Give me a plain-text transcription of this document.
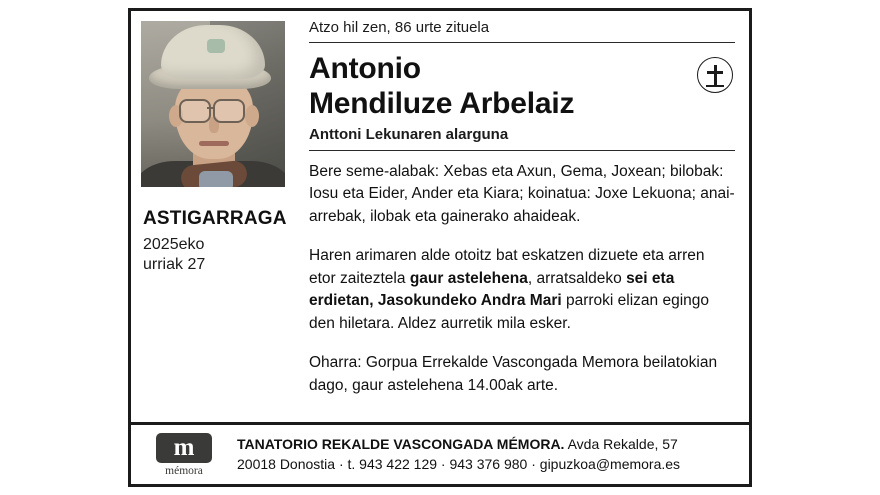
ASTIGARRAGA
2025eko
urriak 27
Atzo hil zen, 86 urte zituela
Antonio
Mendiluze Arbelaiz
Anttoni Lekunaren alarguna

Bere seme-alabak: Xebas eta Axun, Gema, Joxean; bilobak: Iosu eta Eider, Ander eta Kiara; koinatua: Joxe Lekuona; anai-arrebak, ilobak eta gainerako ahaideak.

Haren arimaren alde otoitz bat eskatzen dizuete eta arren etor zaiteztela gaur astelehena, arratsaldeko sei eta erdietan, Jasokundeko Andra Mari parroki elizan egingo den hiletara. Aldez aurretik mila esker.

Oharra: Gorpua Errekalde Vascongada Memora beilatokian dago, gaur astelehena 14.00ak arte.

m
mémora
TANATORIO REKALDE VASCONGADA MÉMORA. Avda Rekalde, 57
20018 Donostia · t. 943 422 129 · 943 376 980 · gipuzkoa@memora.es
